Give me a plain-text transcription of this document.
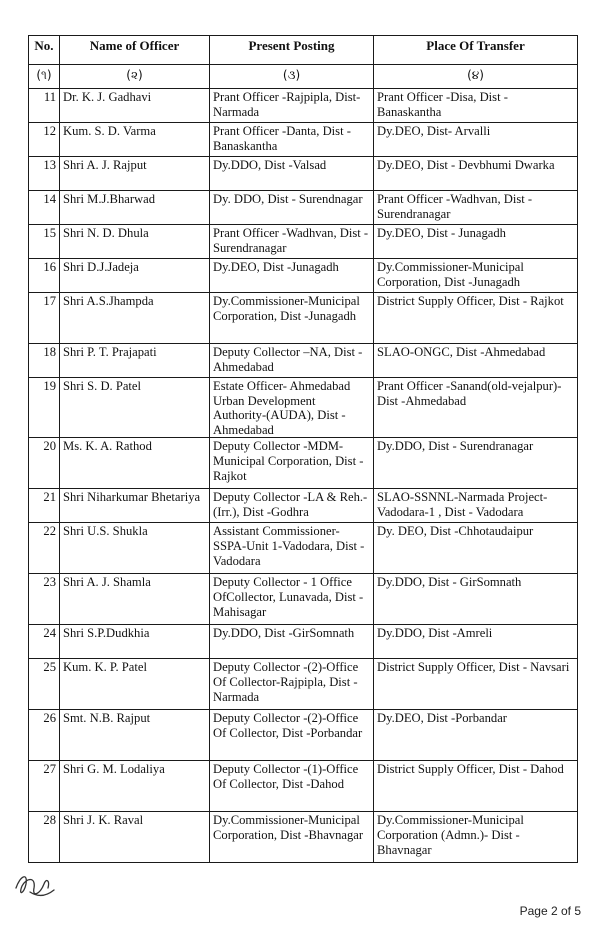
No.	Name of Officer	Present Posting	Place Of Transfer
(૧)	(૨)	(૩)	(૪)
11	Dr. K. J. Gadhavi	Prant Officer -Rajpipla, Dist-Narmada	Prant Officer -Disa, Dist - Banaskantha
12	Kum. S. D. Varma	Prant Officer -Danta, Dist - Banaskantha	Dy.DEO, Dist- Arvalli
13	Shri A. J. Rajput	Dy.DDO, Dist -Valsad	Dy.DEO, Dist - Devbhumi Dwarka
14	Shri M.J.Bharwad	Dy. DDO, Dist - Surendnagar	Prant Officer -Wadhvan, Dist - Surendranagar
15	Shri N. D. Dhula	Prant Officer -Wadhvan, Dist -Surendranagar	Dy.DEO, Dist - Junagadh
16	Shri D.J.Jadeja	Dy.DEO, Dist -Junagadh	Dy.Commissioner-Municipal Corporation, Dist -Junagadh
17	Shri A.S.Jhampda	Dy.Commissioner-Municipal Corporation, Dist -Junagadh	District Supply Officer, Dist - Rajkot
18	Shri P. T. Prajapati	Deputy Collector –NA, Dist -Ahmedabad	SLAO-ONGC, Dist -Ahmedabad
19	Shri S. D. Patel	Estate Officer- Ahmedabad Urban Development Authority-(AUDA), Dist - Ahmedabad	Prant Officer -Sanand(old-vejalpur)- Dist -Ahmedabad
20	Ms. K. A. Rathod	Deputy Collector -MDM-Municipal Corporation, Dist -Rajkot	Dy.DDO, Dist - Surendranagar
21	Shri Niharkumar Bhetariya	Deputy Collector -LA & Reh.-(Irr.), Dist -Godhra	SLAO-SSNNL-Narmada Project-Vadodara-1 , Dist - Vadodara
22	Shri U.S. Shukla	Assistant Commissioner-SSPA-Unit 1-Vadodara, Dist - Vadodara	Dy. DEO, Dist -Chhotaudaipur
23	Shri A. J. Shamla	Deputy Collector - 1 Office OfCollector, Lunavada, Dist -Mahisagar	Dy.DDO, Dist - GirSomnath
24	Shri S.P.Dudkhia	Dy.DDO, Dist -GirSomnath	Dy.DDO, Dist -Amreli
25	Kum. K. P. Patel	Deputy Collector -(2)-Office Of Collector-Rajpipla, Dist -Narmada	District Supply Officer, Dist - Navsari
26	Smt. N.B. Rajput	Deputy Collector -(2)-Office Of Collector, Dist -Porbandar	Dy.DEO, Dist -Porbandar
27	Shri G. M. Lodaliya	Deputy Collector -(1)-Office Of Collector, Dist -Dahod	District Supply Officer, Dist - Dahod
28	Shri J. K. Raval	Dy.Commissioner-Municipal Corporation, Dist -Bhavnagar	Dy.Commissioner-Municipal Corporation (Admn.)- Dist - Bhavnagar
Page 2 of 5
